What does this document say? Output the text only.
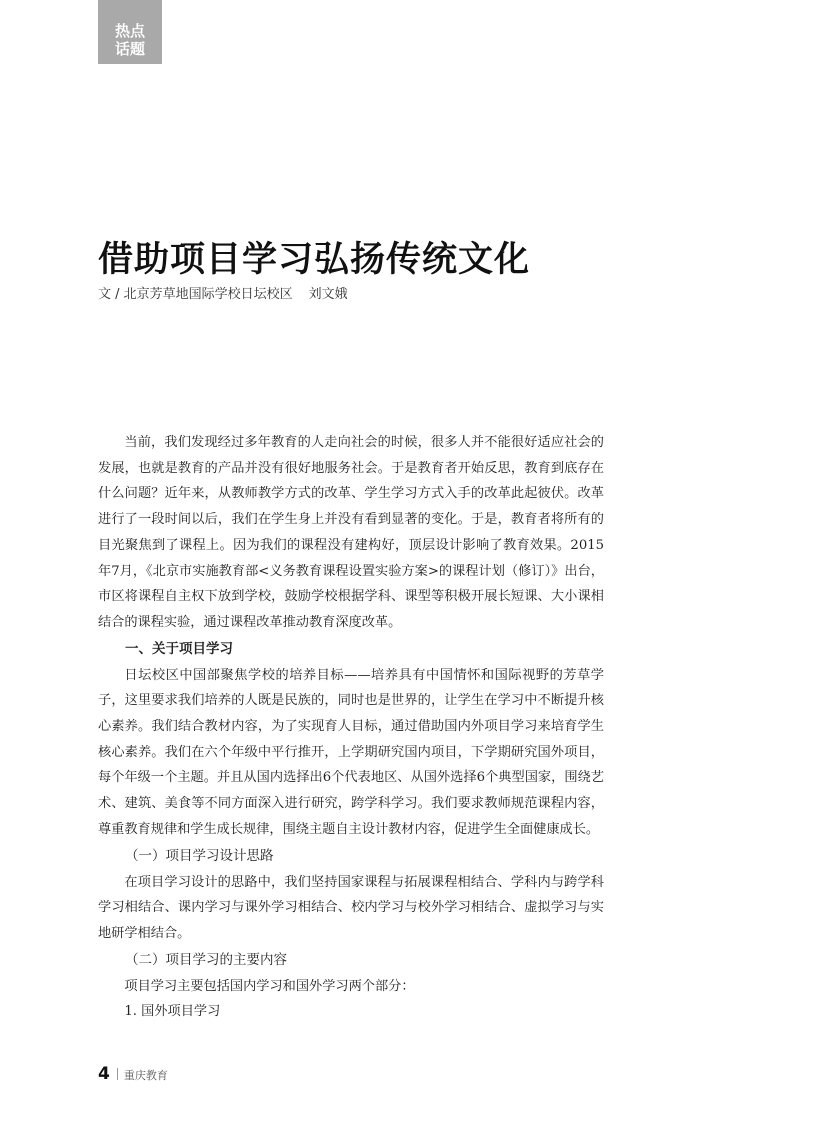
热点
话题
借助项目学习弘扬传统文化
文 / 北京芳草地国际学校日坛校区 刘文娥

当前，我们发现经过多年教育的人走向社会的时候，很多人并不能很好适应社会的发展，也就是教育的产品并没有很好地服务社会。于是教育者开始反思，教育到底存在什么问题？近年来，从教师教学方式的改革、学生学习方式入手的改革此起彼伏。改革进行了一段时间以后，我们在学生身上并没有看到显著的变化。于是，教育者将所有的目光聚焦到了课程上。因为我们的课程没有建构好，顶层设计影响了教育效果。2015年7月，《北京市实施教育部<义务教育课程设置实验方案>的课程计划（修订）》出台，市区将课程自主权下放到学校，鼓励学校根据学科、课型等积极开展长短课、大小课相结合的课程实验，通过课程改革推动教育深度改革。

一、关于项目学习

日坛校区中国部聚焦学校的培养目标——培养具有中国情怀和国际视野的芳草学子，这里要求我们培养的人既是民族的，同时也是世界的，让学生在学习中不断提升核心素养。我们结合教材内容，为了实现育人目标，通过借助国内外项目学习来培育学生核心素养。我们在六个年级中平行推开，上学期研究国内项目，下学期研究国外项目，每个年级一个主题。并且从国内选择出6个代表地区、从国外选择6个典型国家，围绕艺术、建筑、美食等不同方面深入进行研究，跨学科学习。我们要求教师规范课程内容，尊重教育规律和学生成长规律，围绕主题自主设计教材内容，促进学生全面健康成长。

（一）项目学习设计思路

在项目学习设计的思路中，我们坚持国家课程与拓展课程相结合、学科内与跨学科学习相结合、课内学习与课外学习相结合、校内学习与校外学习相结合、虚拟学习与实地研学相结合。

（二）项目学习的主要内容

项目学习主要包括国内学习和国外学习两个部分：

1. 国外项目学习

4 重庆教育
